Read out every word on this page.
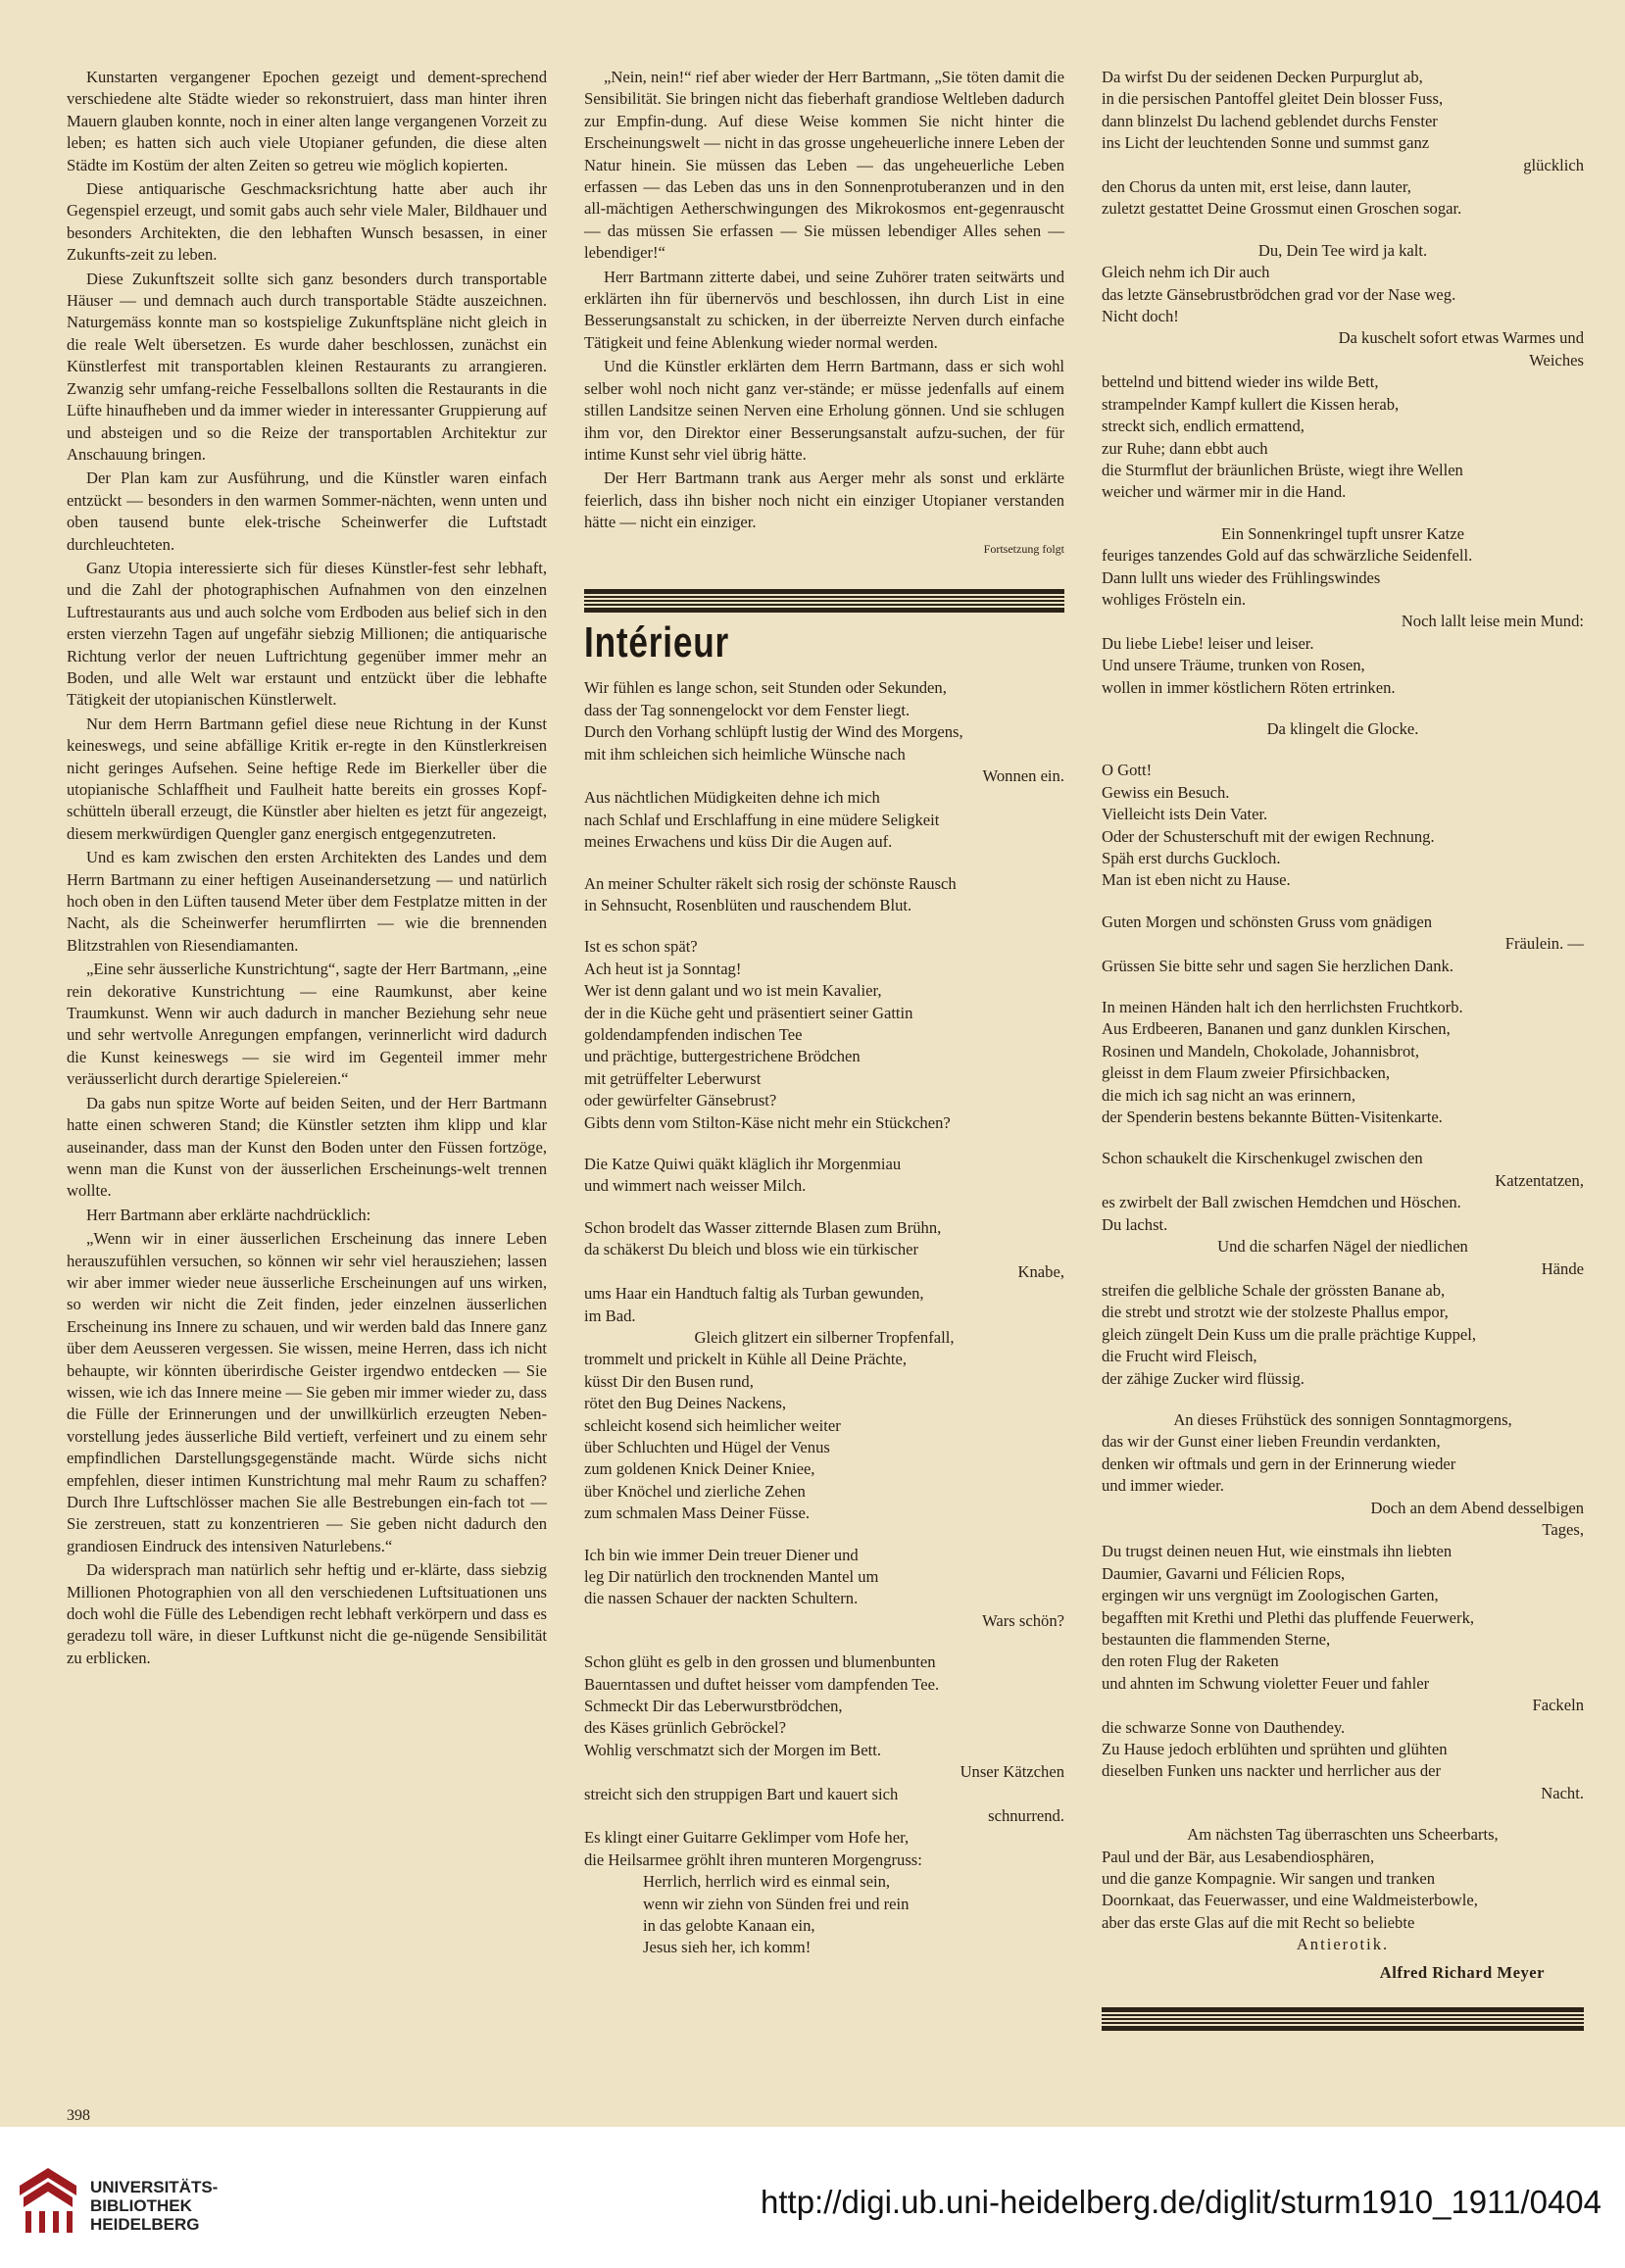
Kunstarten vergangener Epochen gezeigt und dement-sprechend verschiedene alte Städte wieder so rekonstruiert, dass man hinter ihren Mauern glauben konnte, noch in einer alten lange vergangenen Vorzeit zu leben; es hatten sich auch viele Utopianer gefunden, die diese alten Städte im Kostüm der alten Zeiten so getreu wie möglich kopierten.

Diese antiquarische Geschmacksrichtung hatte aber auch ihr Gegenspiel erzeugt, und somit gabs auch sehr viele Maler, Bildhauer und besonders Architekten, die den lebhaften Wunsch besassen, in einer Zukunfts-zeit zu leben.

Diese Zukunftszeit sollte sich ganz besonders durch transportable Häuser — und demnach auch durch transportable Städte auszeichnen. Naturgemäss konnte man so kostspielige Zukunftspläne nicht gleich in die reale Welt übersetzen. Es wurde daher beschlossen, zunächst ein Künstlerfest mit transportablen kleinen Restaurants zu arrangieren. Zwanzig sehr umfang-reiche Fesselballons sollten die Restaurants in die Lüfte hinaufheben und da immer wieder in interessanter Gruppierung auf und absteigen und so die Reize der transportablen Architektur zur Anschauung bringen.

Der Plan kam zur Ausführung, und die Künstler waren einfach entzückt — besonders in den warmen Sommer-nächten, wenn unten und oben tausend bunte elek-trische Scheinwerfer die Luftstadt durchleuchteten.

Ganz Utopia interessierte sich für dieses Künstler-fest sehr lebhaft, und die Zahl der photographischen Aufnahmen von den einzelnen Luftrestaurants aus und auch solche vom Erdboden aus belief sich in den ersten vierzehn Tagen auf ungefähr siebzig Millionen; die antiquarische Richtung verlor der neuen Luftrichtung gegenüber immer mehr an Boden, und alle Welt war erstaunt und entzückt über die lebhafte Tätigkeit der utopianischen Künstlerwelt.

Nur dem Herrn Bartmann gefiel diese neue Richtung in der Kunst keineswegs, und seine abfällige Kritik er-regte in den Künstlerkreisen nicht geringes Aufsehen. Seine heftige Rede im Bierkeller über die utopianische Schlaffheit und Faulheit hatte bereits ein grosses Kopf-schütteln überall erzeugt, die Künstler aber hielten es jetzt für angezeigt, diesem merkwürdigen Quengler ganz energisch entgegenzutreten.

Und es kam zwischen den ersten Architekten des Landes und dem Herrn Bartmann zu einer heftigen Auseinandersetzung — und natürlich hoch oben in den Lüften tausend Meter über dem Festplatze mitten in der Nacht, als die Scheinwerfer herumflirrten — wie die brennenden Blitzstrahlen von Riesendiamanten.

„Eine sehr äusserliche Kunstrichtung“, sagte der Herr Bartmann, „eine rein dekorative Kunstrichtung — eine Raumkunst, aber keine Traumkunst. Wenn wir auch dadurch in mancher Beziehung sehr neue und sehr wertvolle Anregungen empfangen, verinnerlicht wird dadurch die Kunst keineswegs — sie wird im Gegenteil immer mehr veräusserlicht durch derartige Spielereien.“

Da gabs nun spitze Worte auf beiden Seiten, und der Herr Bartmann hatte einen schweren Stand; die Künstler setzten ihm klipp und klar auseinander, dass man der Kunst den Boden unter den Füssen fortzöge, wenn man die Kunst von der äusserlichen Erscheinungs-welt trennen wollte.

Herr Bartmann aber erklärte nachdrücklich:

„Wenn wir in einer äusserlichen Erscheinung das innere Leben herauszufühlen versuchen, so können wir sehr viel herausziehen; lassen wir aber immer wieder neue äusserliche Erscheinungen auf uns wirken, so werden wir nicht die Zeit finden, jeder einzelnen äusserlichen Erscheinung ins Innere zu schauen, und wir werden bald das Innere ganz über dem Aeusseren vergessen. Sie wissen, meine Herren, dass ich nicht behaupte, wir könnten überirdische Geister irgendwo entdecken — Sie wissen, wie ich das Innere meine — Sie geben mir immer wieder zu, dass die Fülle der Erinnerungen und der unwillkürlich erzeugten Neben-vorstellung jedes äusserliche Bild vertieft, verfeinert und zu einem sehr empfindlichen Darstellungsgegenstände macht. Würde sichs nicht empfehlen, dieser intimen Kunstrichtung mal mehr Raum zu schaffen? Durch Ihre Luftschlösser machen Sie alle Bestrebungen ein-fach tot — Sie zerstreuen, statt zu konzentrieren — Sie geben nicht dadurch den grandiosen Eindruck des intensiven Naturlebens.“

Da widersprach man natürlich sehr heftig und er-klärte, dass siebzig Millionen Photographien von all den verschiedenen Luftsituationen uns doch wohl die Fülle des Lebendigen recht lebhaft verkörpern und dass es geradezu toll wäre, in dieser Luftkunst nicht die ge-nügende Sensibilität zu erblicken.

„Nein, nein!“ rief aber wieder der Herr Bartmann, „Sie töten damit die Sensibilität. Sie bringen nicht das fieberhaft grandiose Weltleben dadurch zur Empfin-dung. Auf diese Weise kommen Sie nicht hinter die Erscheinungswelt — nicht in das grosse ungeheuerliche innere Leben der Natur hinein. Sie müssen das Leben — das ungeheuerliche Leben erfassen — das Leben das uns in den Sonnenprotuberanzen und in den all-mächtigen Aetherschwingungen des Mikrokosmos ent-gegenrauscht — das müssen Sie erfassen — Sie müssen lebendiger Alles sehen — lebendiger!“

Herr Bartmann zitterte dabei, und seine Zuhörer traten seitwärts und erklärten ihn für übernervös und beschlossen, ihn durch List in eine Besserungsanstalt zu schicken, in der überreizte Nerven durch einfache Tätigkeit und feine Ablenkung wieder normal werden.

Und die Künstler erklärten dem Herrn Bartmann, dass er sich wohl selber wohl noch nicht ganz ver-stände; er müsse jedenfalls auf einem stillen Landsitze seinen Nerven eine Erholung gönnen. Und sie schlugen ihm vor, den Direktor einer Besserungsanstalt aufzu-suchen, der für intime Kunst sehr viel übrig hätte.

Der Herr Bartmann trank aus Aerger mehr als sonst und erklärte feierlich, dass ihn bisher noch nicht ein einziger Utopianer verstanden hätte — nicht ein einziger.

Fortsetzung folgt
Intérieur

Wir fühlen es lange schon, seit Stunden oder Sekunden,

dass der Tag sonnengelockt vor dem Fenster liegt.

Durch den Vorhang schlüpft lustig der Wind des Morgens,

mit ihm schleichen sich heimliche Wünsche nach

Wonnen ein.

Aus nächtlichen Müdigkeiten dehne ich mich

nach Schlaf und Erschlaffung in eine müdere Seligkeit

meines Erwachens und küss Dir die Augen auf.

An meiner Schulter räkelt sich rosig der schönste Rausch

in Sehnsucht, Rosenblüten und rauschendem Blut.

Ist es schon spät?

Ach heut ist ja Sonntag!

Wer ist denn galant und wo ist mein Kavalier,

der in die Küche geht und präsentiert seiner Gattin

goldendampfenden indischen Tee

und prächtige, buttergestrichene Brödchen

mit getrüffelter Leberwurst

oder gewürfelter Gänsebrust?

Gibts denn vom Stilton-Käse nicht mehr ein Stückchen?

Die Katze Quiwi quäkt kläglich ihr Morgenmiau

und wimmert nach weisser Milch.

Schon brodelt das Wasser zitternde Blasen zum Brühn,

da schäkerst Du bleich und bloss wie ein türkischer

Knabe,

ums Haar ein Handtuch faltig als Turban gewunden,

im Bad.

Gleich glitzert ein silberner Tropfenfall,

trommelt und prickelt in Kühle all Deine Prächte,

küsst Dir den Busen rund,

rötet den Bug Deines Nackens,

schleicht kosend sich heimlicher weiter

über Schluchten und Hügel der Venus

zum goldenen Knick Deiner Kniee,

über Knöchel und zierliche Zehen

zum schmalen Mass Deiner Füsse.

Ich bin wie immer Dein treuer Diener und

leg Dir natürlich den trocknenden Mantel um

die nassen Schauer der nackten Schultern.

Wars schön?

Schon glüht es gelb in den grossen und blumenbunten

Bauerntassen und duftet heisser vom dampfenden Tee.

Schmeckt Dir das Leberwurstbrödchen,

des Käses grünlich Gebröckel?

Wohlig verschmatzt sich der Morgen im Bett.

Unser Kätzchen

streicht sich den struppigen Bart und kauert sich

schnurrend.

Es klingt einer Guitarre Geklimper vom Hofe her,

die Heilsarmee gröhlt ihren munteren Morgengruss:

Herrlich, herrlich wird es einmal sein,

wenn wir ziehn von Sünden frei und rein

in das gelobte Kanaan ein,

Jesus sieh her, ich komm!

Da wirfst Du der seidenen Decken Purpurglut ab,

in die persischen Pantoffel gleitet Dein blosser Fuss,

dann blinzelst Du lachend geblendet durchs Fenster

ins Licht der leuchtenden Sonne und summst ganz

glücklich

den Chorus da unten mit, erst leise, dann lauter,

zuletzt gestattet Deine Grossmut einen Groschen sogar.

Du, Dein Tee wird ja kalt.

Gleich nehm ich Dir auch

das letzte Gänsebrustbrödchen grad vor der Nase weg.

Nicht doch!

Da kuschelt sofort etwas Warmes und

Weiches

bettelnd und bittend wieder ins wilde Bett,

strampelnder Kampf kullert die Kissen herab,

streckt sich, endlich ermattend,

zur Ruhe; dann ebbt auch

die Sturmflut der bräunlichen Brüste, wiegt ihre Wellen

weicher und wärmer mir in die Hand.

Ein Sonnenkringel tupft unsrer Katze

feuriges tanzendes Gold auf das schwärzliche Seidenfell.

Dann lullt uns wieder des Frühlingswindes

wohliges Frösteln ein.

Noch lallt leise mein Mund:

Du liebe Liebe! leiser und leiser.

Und unsere Träume, trunken von Rosen,

wollen in immer köstlichern Röten ertrinken.

Da klingelt die Glocke.

O Gott!

Gewiss ein Besuch.

Vielleicht ists Dein Vater.

Oder der Schusterschuft mit der ewigen Rechnung.

Späh erst durchs Guckloch.

Man ist eben nicht zu Hause.

Guten Morgen und schönsten Gruss vom gnädigen

Fräulein. —

Grüssen Sie bitte sehr und sagen Sie herzlichen Dank.

In meinen Händen halt ich den herrlichsten Fruchtkorb.

Aus Erdbeeren, Bananen und ganz dunklen Kirschen,

Rosinen und Mandeln, Chokolade, Johannisbrot,

gleisst in dem Flaum zweier Pfirsichbacken,

die mich ich sag nicht an was erinnern,

der Spenderin bestens bekannte Bütten-Visitenkarte.

Schon schaukelt die Kirschenkugel zwischen den

Katzentatzen,

es zwirbelt der Ball zwischen Hemdchen und Höschen.

Du lachst.

Und die scharfen Nägel der niedlichen

Hände

streifen die gelbliche Schale der grössten Banane ab,

die strebt und strotzt wie der stolzeste Phallus empor,

gleich züngelt Dein Kuss um die pralle prächtige Kuppel,

die Frucht wird Fleisch,

der zähige Zucker wird flüssig.

An dieses Frühstück des sonnigen Sonntagmorgens,

das wir der Gunst einer lieben Freundin verdankten,

denken wir oftmals und gern in der Erinnerung wieder

und immer wieder.

Doch an dem Abend desselbigen

Tages,

Du trugst deinen neuen Hut, wie einstmals ihn liebten

Daumier, Gavarni und Félicien Rops,

ergingen wir uns vergnügt im Zoologischen Garten,

begafften mit Krethi und Plethi das pluffende Feuerwerk,

bestaunten die flammenden Sterne,

den roten Flug der Raketen

und ahnten im Schwung violetter Feuer und fahler

Fackeln

die schwarze Sonne von Dauthendey.

Zu Hause jedoch erblühten und sprühten und glühten

dieselben Funken uns nackter und herrlicher aus der

Nacht.

Am nächsten Tag überraschten uns Scheerbarts,

Paul und der Bär, aus Lesabendiosphären,

und die ganze Kompagnie. Wir sangen und tranken

Doornkaat, das Feuerwasser, und eine Waldmeisterbowle,

aber das erste Glas auf die mit Recht so beliebte

Antierotik.
Alfred Richard Meyer
398
UNIVERSITÄTS-
BIBLIOTHEK
HEIDELBERG
http://digi.ub.uni-heidelberg.de/diglit/sturm1910_1911/0404
